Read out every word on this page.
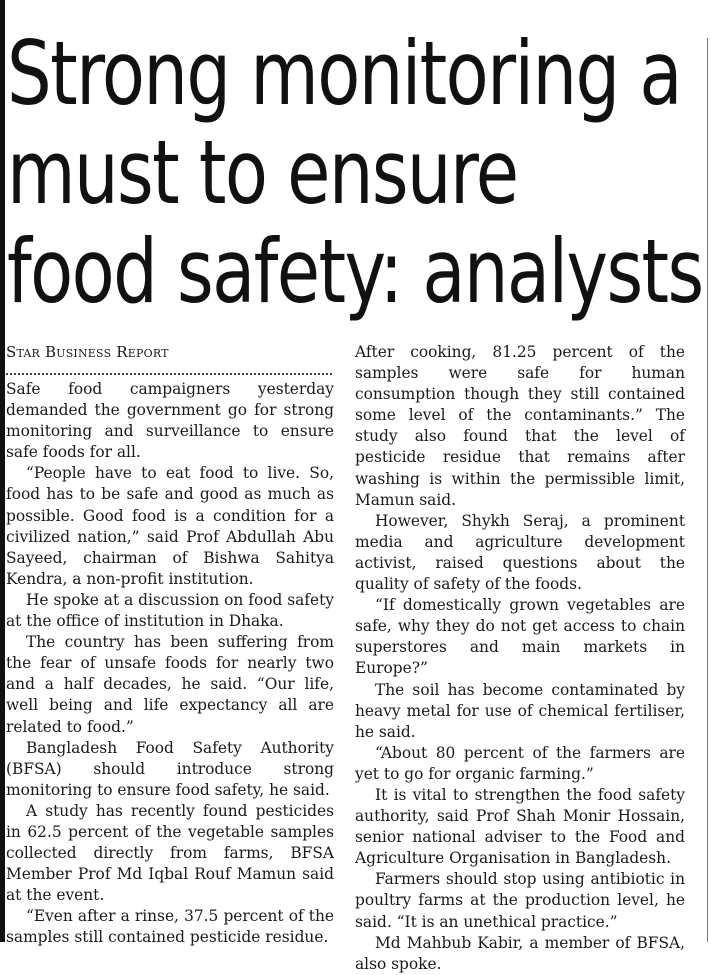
Strong monitoring a
must to ensure
food safety: analysts
Star Business Report

Safe food campaigners yesterday demanded the government go for strong monitoring and surveillance to ensure safe foods for all.

“People have to eat food to live. So, food has to be safe and good as much as possible. Good food is a condition for a civilized nation,” said Prof Abdullah Abu Sayeed, chairman of Bishwa Sahitya Kendra, a non-profit institution.

He spoke at a discussion on food safety at the office of institution in Dhaka.

The country has been suffering from the fear of unsafe foods for nearly two and a half decades, he said. “Our life, well being and life expectancy all are related to food.”

Bangladesh Food Safety Authority (BFSA) should introduce strong monitoring to ensure food safety, he said.

A study has recently found pesticides in 62.5 percent of the vegetable samples collected directly from farms, BFSA Member Prof Md Iqbal Rouf Mamun said at the event.

“Even after a rinse, 37.5 percent of the samples still contained pesticide residue.

After cooking, 81.25 percent of the samples were safe for human consumption though they still contained some level of the contaminants.” The study also found that the level of pesticide residue that remains after washing is within the permissible limit, Mamun said.

However, Shykh Seraj, a prominent media and agriculture development activist, raised questions about the quality of safety of the foods.

“If domestically grown vegetables are safe, why they do not get access to chain superstores and main markets in Europe?”

The soil has become contaminated by heavy metal for use of chemical fertiliser, he said.

“About 80 percent of the farmers are yet to go for organic farming.”

It is vital to strengthen the food safety authority, said Prof Shah Monir Hossain, senior national adviser to the Food and Agriculture Organisation in Bangladesh.

Farmers should stop using antibiotic in poultry farms at the production level, he said. “It is an unethical practice.”

Md Mahbub Kabir, a member of BFSA, also spoke.
